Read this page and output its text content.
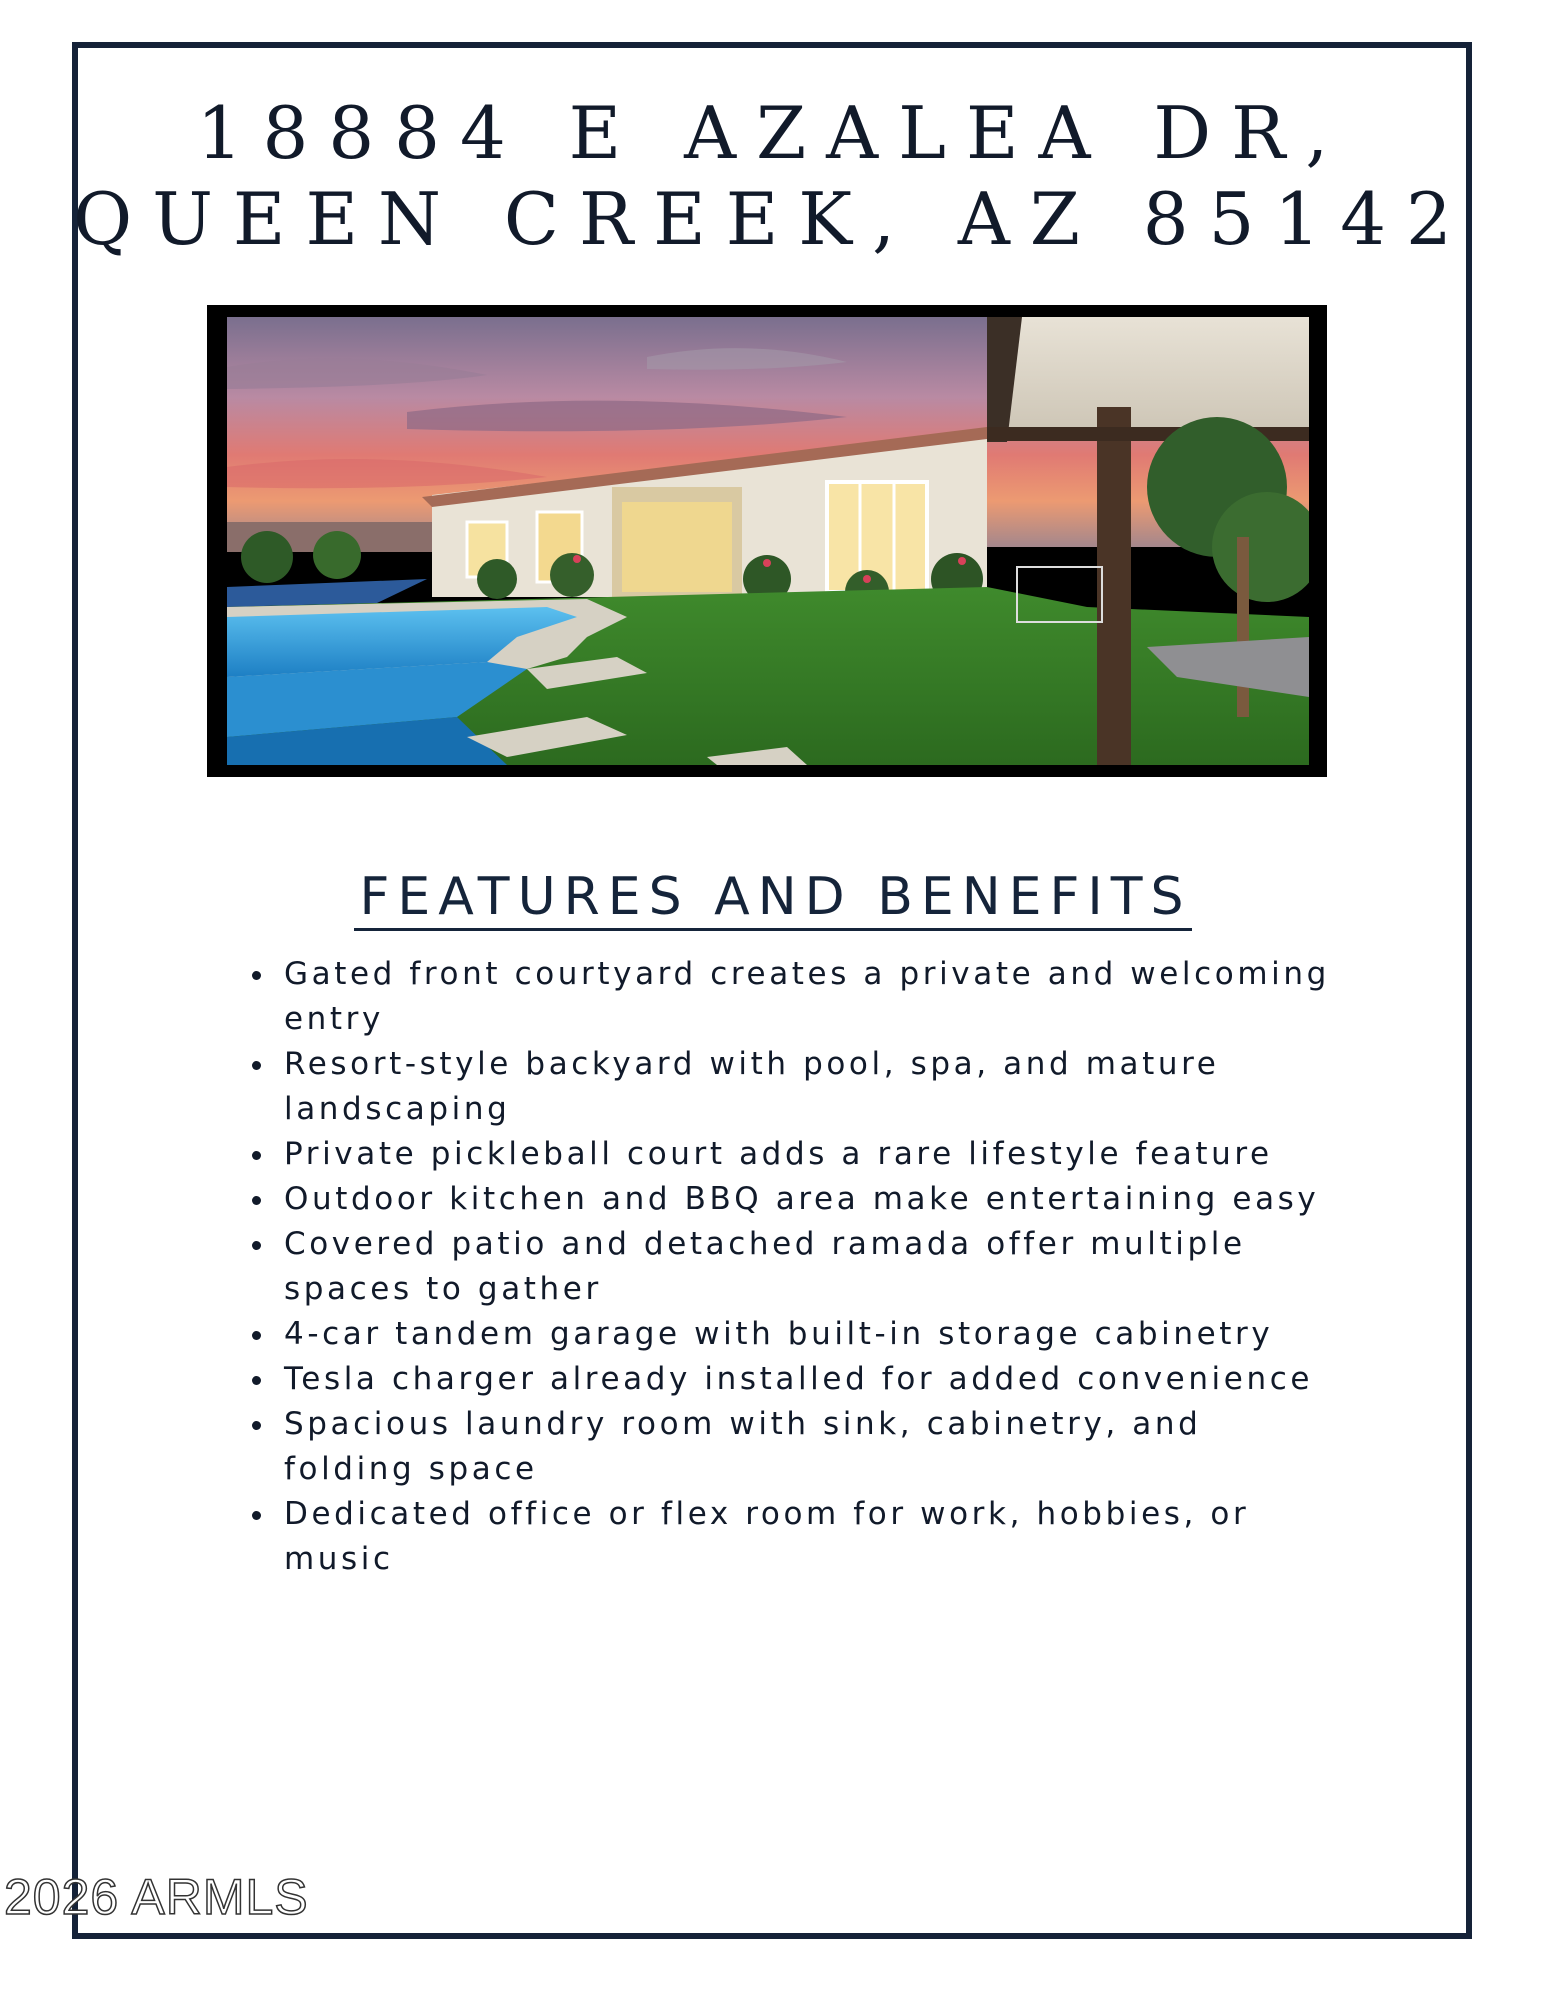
18884 E AZALEA DR,
QUEEN CREEK, AZ 85142
FEATURES AND BENEFITS
Gated front courtyard creates a private and welcoming entry
Resort-style backyard with pool, spa, and mature landscaping
Private pickleball court adds a rare lifestyle feature
Outdoor kitchen and BBQ area make entertaining easy
Covered patio and detached ramada offer multiple spaces to gather
4-car tandem garage with built-in storage cabinetry
Tesla charger already installed for added convenience
Spacious laundry room with sink, cabinetry, and folding space
Dedicated office or flex room for work, hobbies, or music
2026 ARMLS
